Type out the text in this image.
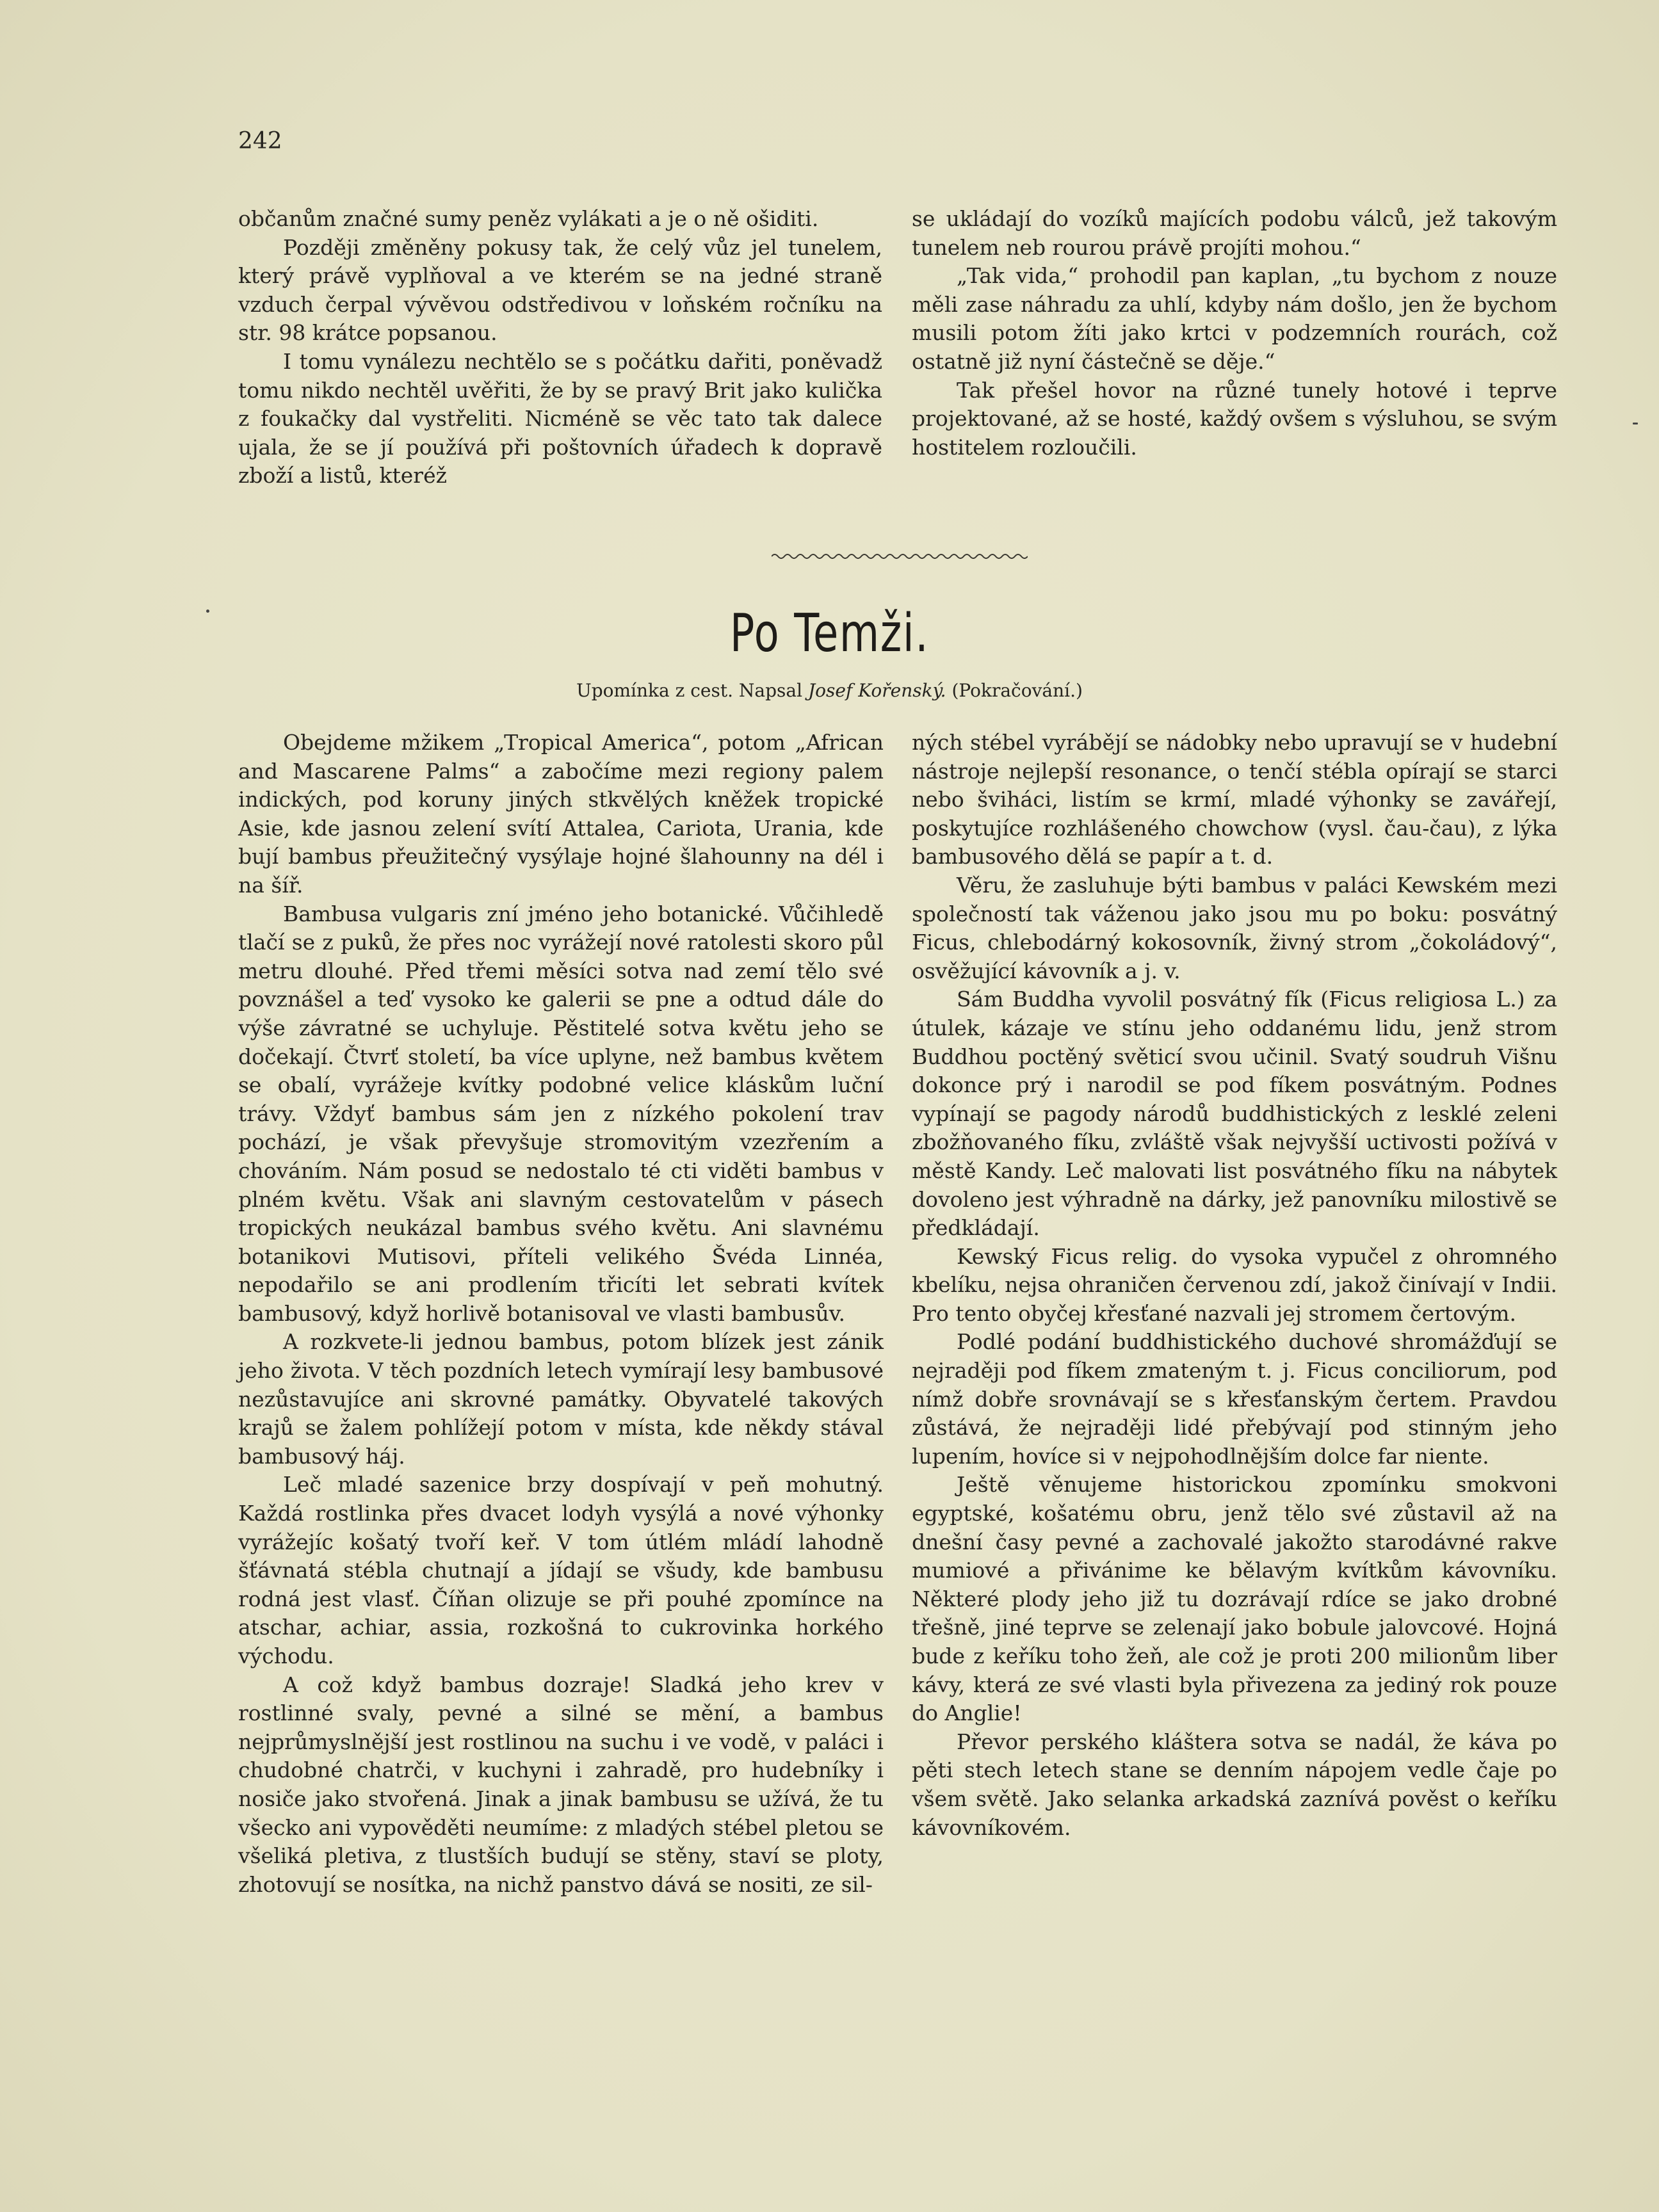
242

občanům značné sumy peněz vylákati a je o ně ošiditi.

Později změněny pokusy tak, že celý vůz jel tunelem, který právě vyplňoval a ve kterém se na jedné straně vzduch čerpal vývěvou odstředivou v loňském ročníku na str. 98 krátce popsanou.

I tomu vynálezu nechtělo se s počátku dařiti, poněvadž tomu nikdo nechtěl uvěřiti, že by se pravý Brit jako kulička z foukačky dal vystřeliti. Nicméně se věc tato tak dalece ujala, že se jí používá při poštovních úřadech k dopravě zboží a listů, kteréž

se ukládají do vozíků majících podobu válců, jež takovým tunelem neb rourou právě projíti mohou.“

„Tak vida,“ prohodil pan kaplan, „tu bychom z nouze měli zase náhradu za uhlí, kdyby nám došlo, jen že bychom musili potom žíti jako krtci v podzemních rourách, což ostatně již nyní částečně se děje.“

Tak přešel hovor na různé tunely hotové i teprve projektované, až se hosté, každý ovšem s výsluhou, se svým hostitelem rozloučili.

Po Temži.
Upomínka z cest. Napsal Josef Kořenský. (Pokračování.)

Obejdeme mžikem „Tropical America“, potom „African and Mascarene Palms“ a zabočíme mezi regiony palem indických, pod koruny jiných stkvělých kněžek tropické Asie, kde jasnou zelení svítí Attalea, Cariota, Urania, kde bují bambus přeužitečný vysýlaje hojné šlahounny na dél i na šíř.

Bambusa vulgaris zní jméno jeho botanické. Vůčihledě tlačí se z puků, že přes noc vyrážejí nové ratolesti skoro půl metru dlouhé. Před třemi měsíci sotva nad zemí tělo své povznášel a teď vysoko ke galerii se pne a odtud dále do výše závratné se uchyluje. Pěstitelé sotva květu jeho se dočekají. Čtvrť století, ba více uplyne, než bambus květem se obalí, vyrážeje kvítky podobné velice kláskům luční trávy. Vždyť bambus sám jen z nízkého pokolení trav pochází, je však převyšuje stromovitým vzezřením a chováním. Nám posud se nedostalo té cti viděti bambus v plném květu. Však ani slavným cestovatelům v pásech tropických neukázal bambus svého květu. Ani slavnému botanikovi Mutisovi, příteli velikého Švéda Linnéa, nepodařilo se ani prodlením třicíti let sebrati kvítek bambusový, když horlivě botanisoval ve vlasti bambusův.

A rozkvete-li jednou bambus, potom blízek jest zánik jeho života. V těch pozdních letech vymírají lesy bambusové nezůstavujíce ani skrovné památky. Obyvatelé takových krajů se žalem pohlížejí potom v místa, kde někdy stával bambusový háj.

Leč mladé sazenice brzy dospívají v peň mohutný. Každá rostlinka přes dvacet lodyh vysýlá a nové výhonky vyrážejíc košatý tvoří keř. V tom útlém mládí lahodně šťávnatá stébla chutnají a jídají se všudy, kde bambusu rodná jest vlasť. Číňan olizuje se při pouhé zpomínce na atschar, achiar, assia, rozkošná to cukrovinka horkého východu.

A což když bambus dozraje! Sladká jeho krev v rostlinné svaly, pevné a silné se mění, a bambus nejprůmyslnější jest rostlinou na suchu i ve vodě, v paláci i chudobné chatrči, v kuchyni i zahradě, pro hudebníky i nosiče jako stvořená. Jinak a jinak bambusu se užívá, že tu všecko ani vypověděti neumíme: z mladých stébel pletou se všeliká pletiva, z tlustších budují se stěny, staví se ploty, zhotovují se nosítka, na nichž panstvo dává se nositi, ze sil-

ných stébel vyrábějí se nádobky nebo upravují se v hudební nástroje nejlepší resonance, o tenčí stébla opírají se starci nebo šviháci, listím se krmí, mladé výhonky se zavářejí, poskytujíce rozhlášeného chowchow (vysl. čau-čau), z lýka bambusového dělá se papír a t. d.

Věru, že zasluhuje býti bambus v paláci Kewském mezi společností tak váženou jako jsou mu po boku: posvátný Ficus, chlebodárný kokosovník, živný strom „čokoládový“, osvěžující kávovník a j. v.

Sám Buddha vyvolil posvátný fík (Ficus religiosa L.) za útulek, kázaje ve stínu jeho oddanému lidu, jenž strom Buddhou poctěný světicí svou učinil. Svatý soudruh Višnu dokonce prý i narodil se pod fíkem posvátným. Podnes vypínají se pagody národů buddhistických z lesklé zeleni zbožňovaného fíku, zvláště však nejvyšší uctivosti požívá v městě Kandy. Leč malovati list posvátného fíku na nábytek dovoleno jest výhradně na dárky, jež panovníku milostivě se předkládají.

Kewský Ficus relig. do vysoka vypučel z ohromného kbelíku, nejsa ohraničen červenou zdí, jakož činívají v Indii. Pro tento obyčej křesťané nazvali jej stromem čertovým.

Podlé podání buddhistického duchové shromážďují se nejraději pod fíkem zmateným t. j. Ficus conciliorum, pod nímž dobře srovnávají se s křesťanským čertem. Pravdou zůstává, že nejraději lidé přebývají pod stinným jeho lupením, hovíce si v nejpohodlnějším dolce far niente.

Ještě věnujeme historickou zpomínku smokvoni egyptské, košatému obru, jenž tělo své zůstavil až na dnešní časy pevné a zachovalé jakožto starodávné rakve mumiové a přivánime ke bělavým kvítkům kávovníku. Některé plody jeho již tu dozrávají rdíce se jako drobné třešně, jiné teprve se zelenají jako bobule jalovcové. Hojná bude z keříku toho žeň, ale což je proti 200 milionům liber kávy, která ze své vlasti byla přivezena za jediný rok pouze do Anglie!

Převor perského kláštera sotva se nadál, že káva po pěti stech letech stane se denním nápojem vedle čaje po všem světě. Jako selanka arkadská zaznívá pověst o keříku kávovníkovém.
